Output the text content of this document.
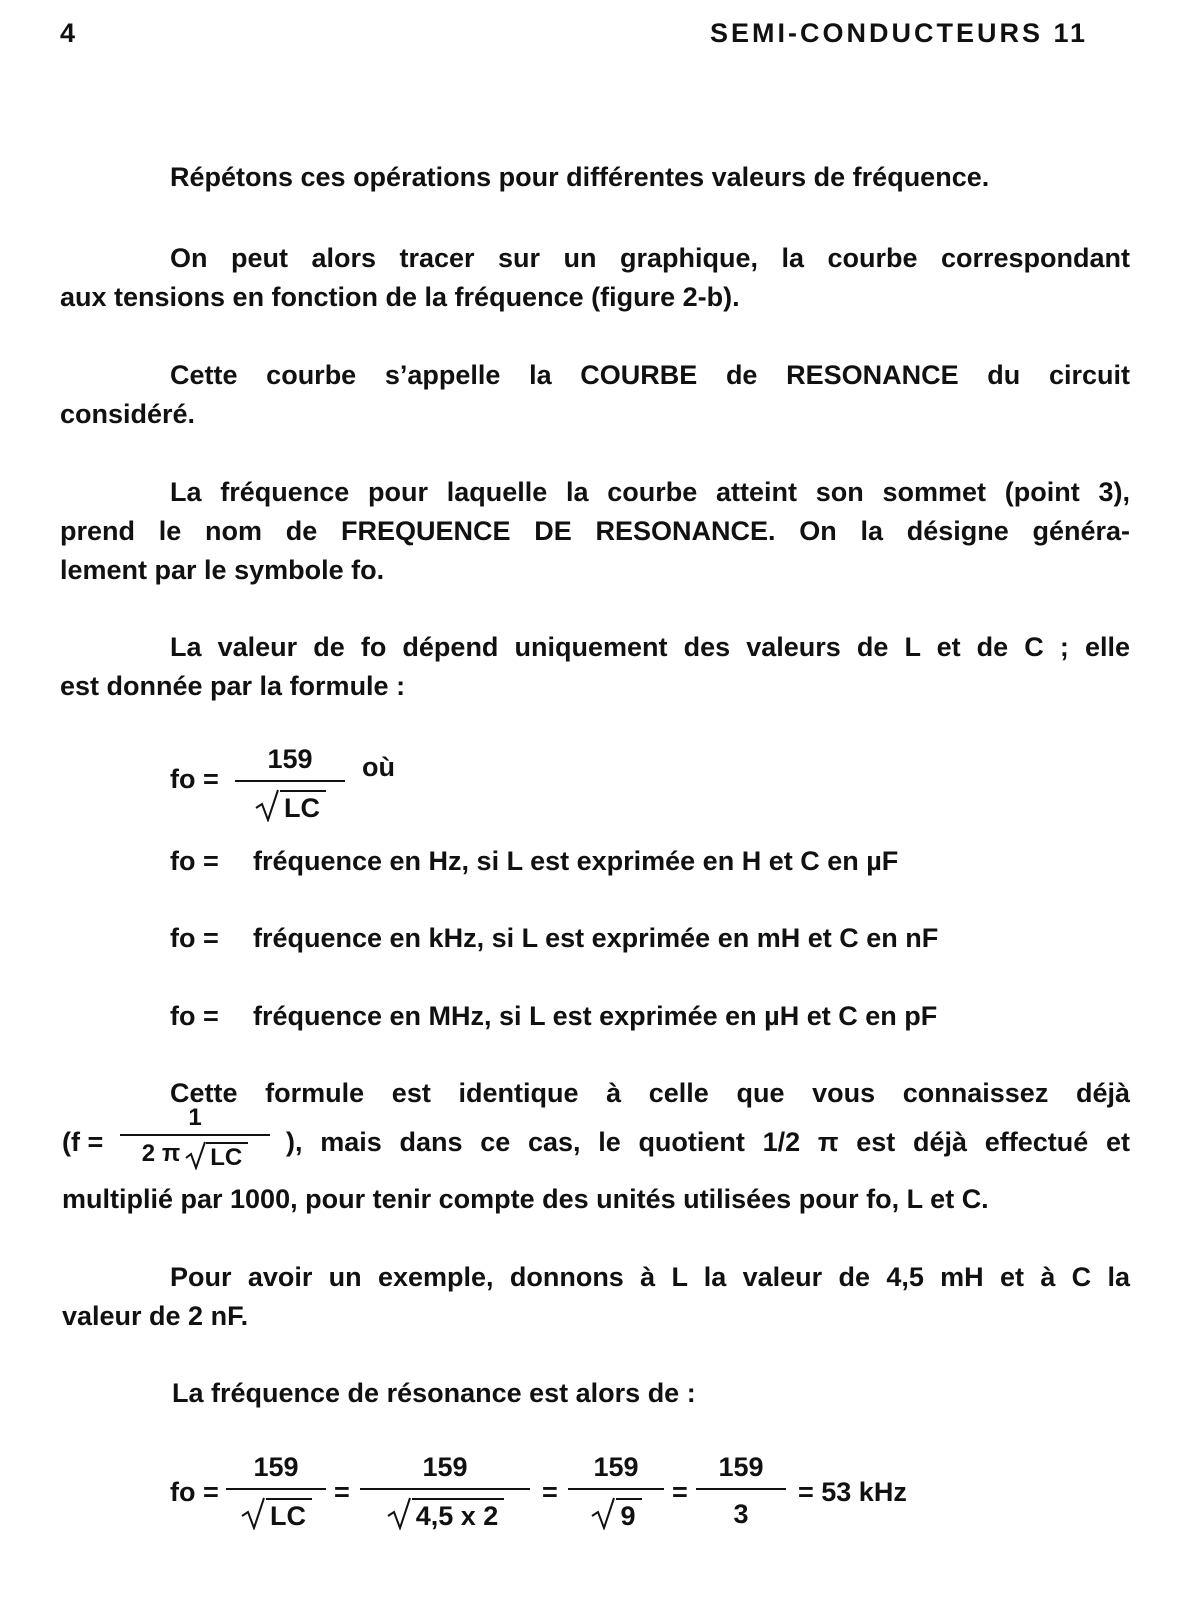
4	SEMI-CONDUCTEURS 11
Répétons ces opérations pour différentes valeurs de fréquence.
On peut alors tracer sur un graphique, la courbe correspondant
aux tensions en fonction de la fréquence (figure 2-b).
Cette courbe s’appelle la COURBE de RESONANCE du circuit
considéré.
La fréquence pour laquelle la courbe atteint son sommet (point 3),
prend le nom de FREQUENCE DE RESONANCE. On la désigne généra-
lement par le symbole fo.
La valeur de fo dépend uniquement des valeurs de L et de C ; elle
est donnée par la formule :
fo =
159
LC
où
fo = fréquence en Hz, si L est exprimée en H et C en µF
fo = fréquence en kHz, si L est exprimée en mH et C en nF
fo = fréquence en MHz, si L est exprimée en µH et C en pF
Cette formule est identique à celle que vous connaissez déjà
(f =
1
2 π LC
), mais dans ce cas, le quotient 1/2 π est déjà effectué et
multiplié par 1000, pour tenir compte des unités utilisées pour fo, L et C.
Pour avoir un exemple, donnons à L la valeur de 4,5 mH et à C la
valeur de 2 nF.
La fréquence de résonance est alors de :
fo =
159
LC
=
159
4,5 x 2
=
159
9
=
159
3
= 53 kHz
